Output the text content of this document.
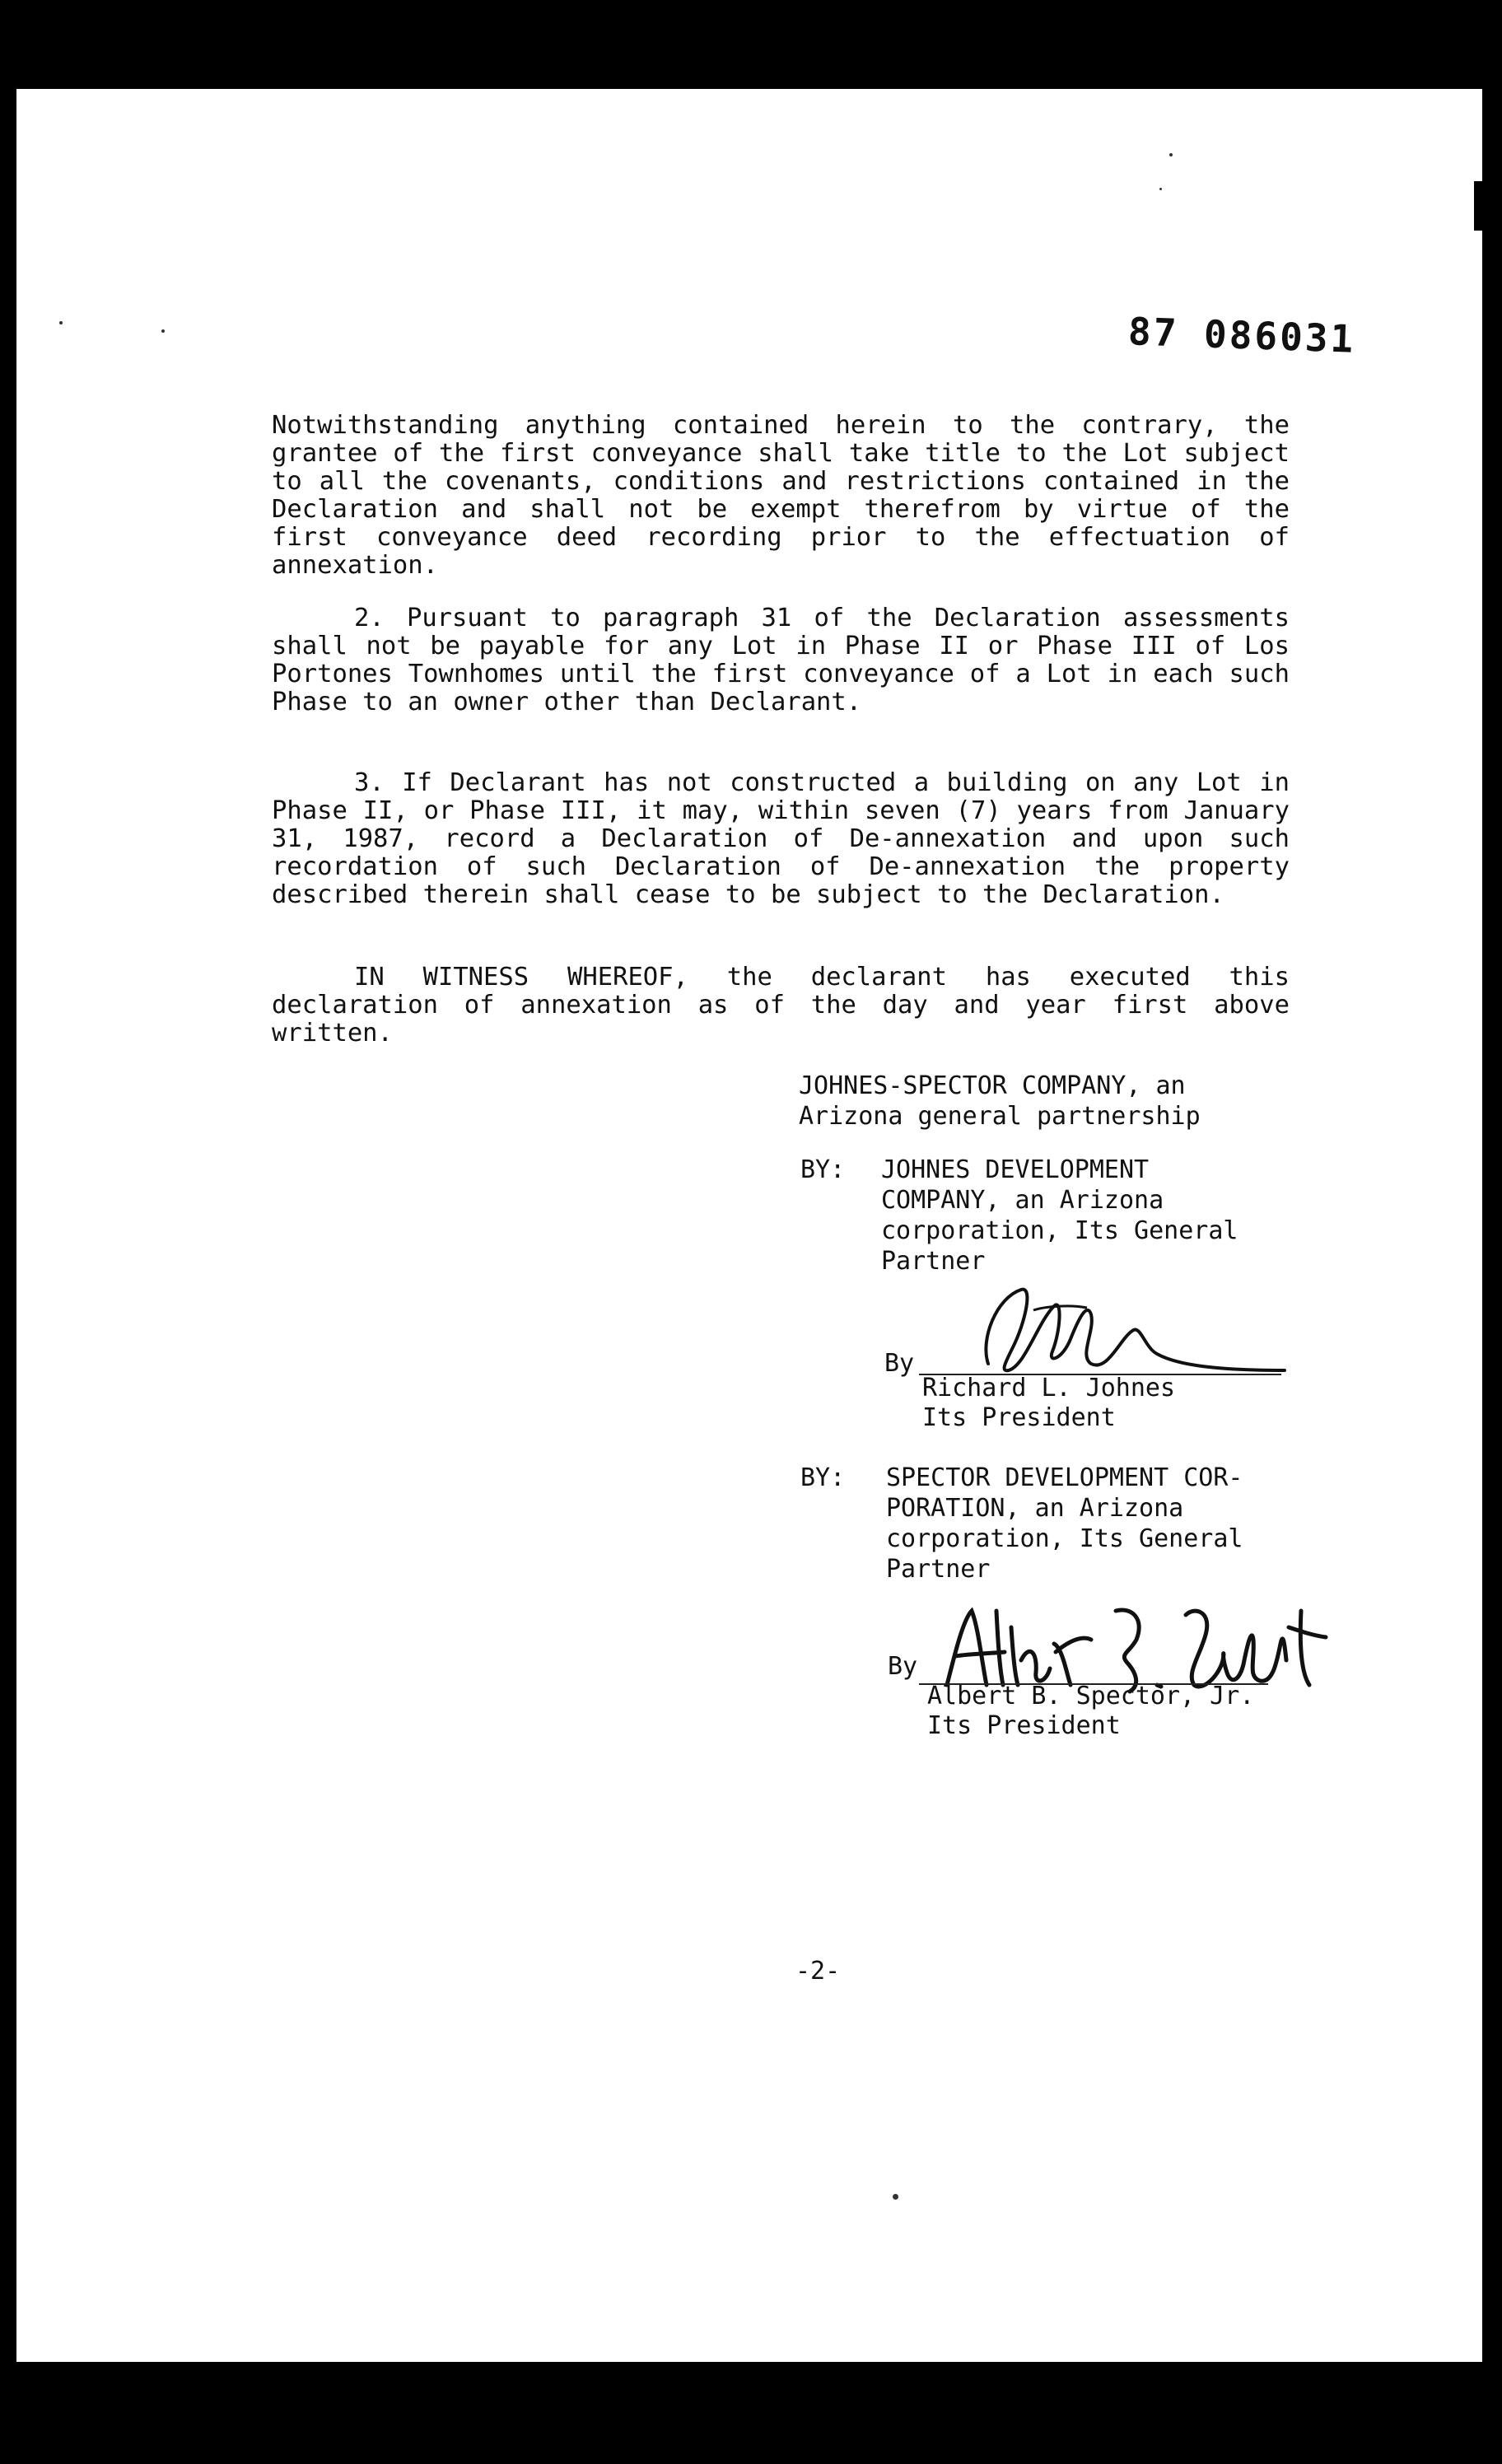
87 086031

Notwithstanding anything contained herein to the contrary, the grantee of the first conveyance shall take title to the Lot subject to all the covenants, conditions and restrictions contained in the Declaration and shall not be exempt therefrom by virtue of the first conveyance deed recording prior to the effectuation of annexation.

2. Pursuant to paragraph 31 of the Declaration assessments shall not be payable for any Lot in Phase II or Phase III of Los Portones Townhomes until the first conveyance of a Lot in each such Phase to an owner other than Declarant.

3. If Declarant has not constructed a building on any Lot in Phase II, or Phase III, it may, within seven (7) years from January 31, 1987, record a Declaration of De-annexation and upon such recordation of such Declaration of De-annexation the property described therein shall cease to be subject to the Declaration.

IN WITNESS WHEREOF, the declarant has executed this declaration of annexation as of the day and year first above written.

JOHNES-SPECTOR COMPANY, an
Arizona general partnership
BY: JOHNES DEVELOPMENT
COMPANY, an Arizona
corporation, Its General
Partner
By
Richard L. Johnes
Its President
BY: SPECTOR DEVELOPMENT COR-
PORATION, an Arizona
corporation, Its General
Partner
By
Albert B. Spector, Jr.
Its President
-2-
